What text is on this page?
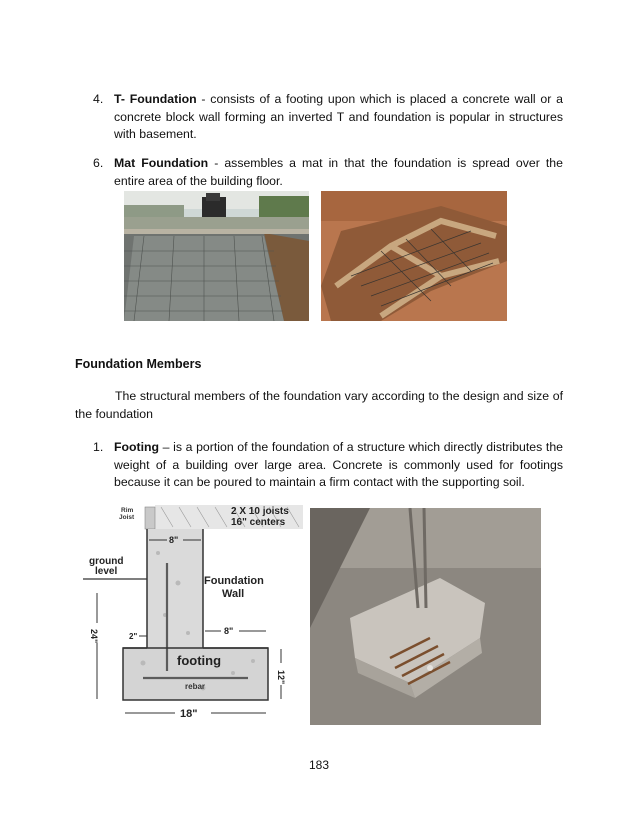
4. T- Foundation - consists of a footing upon which is placed a concrete wall or a concrete block wall forming an inverted T and foundation is popular in structures with basement.

6. Mat Foundation - assembles a mat in that the foundation is spread over the entire area of the building floor.

Foundation Members

The structural members of the foundation vary according to the design and size of the foundation

1. Footing – is a portion of the foundation of a structure which directly distributes the weight of a building over large area. Concrete is commonly used for footings because it can be poured to maintain a firm contact with the supporting soil.

Rim Joist
2 X 10 joists
16" centers
ground level
Foundation Wall
8"
8"
2"
24"
12"
18"
footing
rebar
183
